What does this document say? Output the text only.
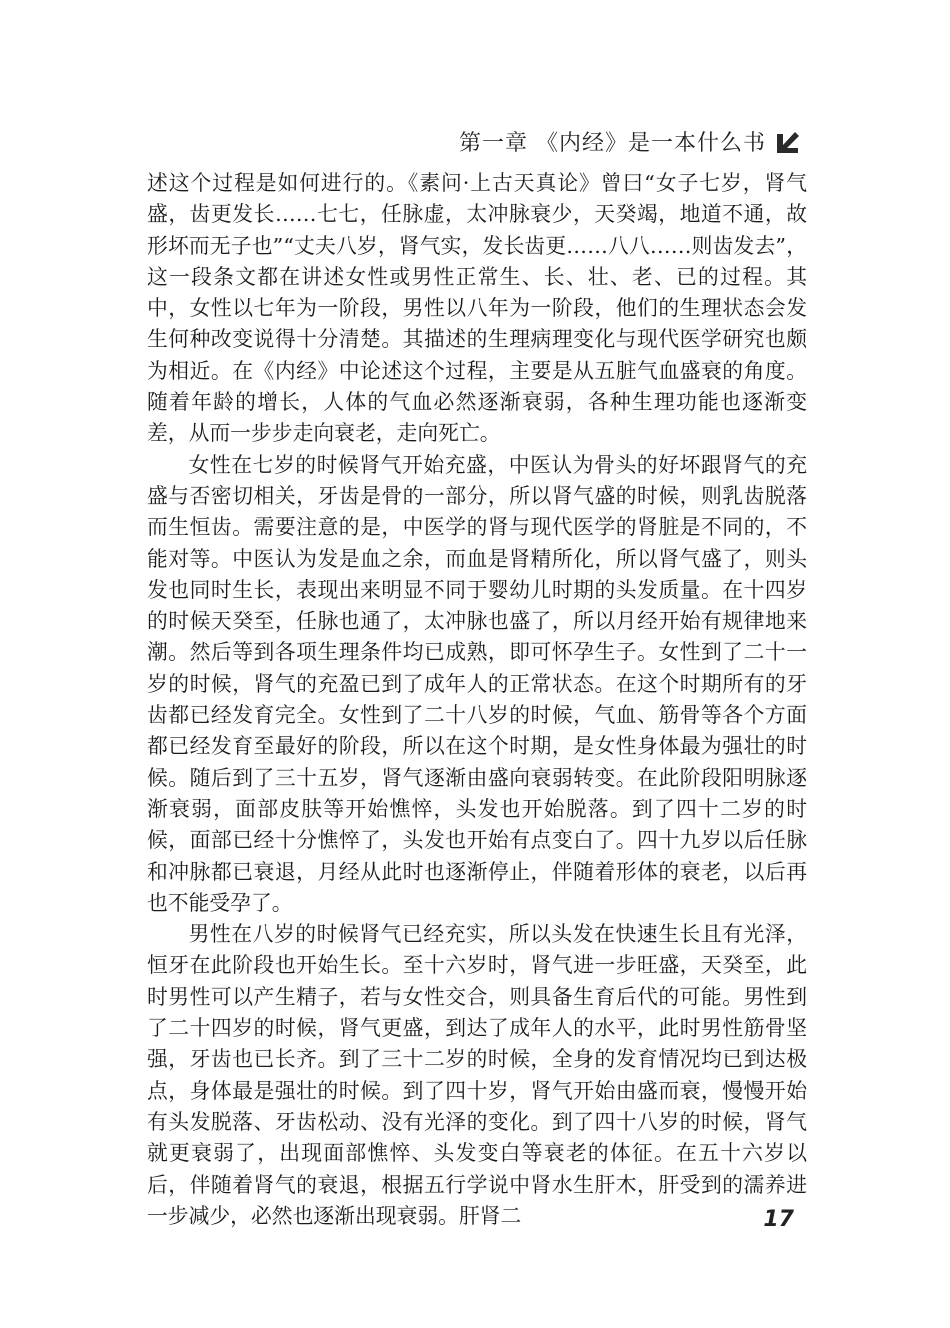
第一章 《内经》是一本什么书

述这个过程是如何进行的。《素问·上古天真论》曾曰“女子七岁，肾气盛，齿更发长……七七，任脉虚，太冲脉衰少，天癸竭，地道不通，故形坏而无子也”“丈夫八岁，肾气实，发长齿更……八八……则齿发去”，这一段条文都在讲述女性或男性正常生、长、壮、老、已的过程。其中，女性以七年为一阶段，男性以八年为一阶段，他们的生理状态会发生何种改变说得十分清楚。其描述的生理病理变化与现代医学研究也颇为相近。在《内经》中论述这个过程，主要是从五脏气血盛衰的角度。随着年龄的增长，人体的气血必然逐渐衰弱，各种生理功能也逐渐变差，从而一步步走向衰老，走向死亡。

女性在七岁的时候肾气开始充盛，中医认为骨头的好坏跟肾气的充盛与否密切相关，牙齿是骨的一部分，所以肾气盛的时候，则乳齿脱落而生恒齿。需要注意的是，中医学的肾与现代医学的肾脏是不同的，不能对等。中医认为发是血之余，而血是肾精所化，所以肾气盛了，则头发也同时生长，表现出来明显不同于婴幼儿时期的头发质量。在十四岁的时候天癸至，任脉也通了，太冲脉也盛了，所以月经开始有规律地来潮。然后等到各项生理条件均已成熟，即可怀孕生子。女性到了二十一岁的时候，肾气的充盈已到了成年人的正常状态。在这个时期所有的牙齿都已经发育完全。女性到了二十八岁的时候，气血、筋骨等各个方面都已经发育至最好的阶段，所以在这个时期，是女性身体最为强壮的时候。随后到了三十五岁，肾气逐渐由盛向衰弱转变。在此阶段阳明脉逐渐衰弱，面部皮肤等开始憔悴，头发也开始脱落。到了四十二岁的时候，面部已经十分憔悴了，头发也开始有点变白了。四十九岁以后任脉和冲脉都已衰退，月经从此时也逐渐停止，伴随着形体的衰老，以后再也不能受孕了。

男性在八岁的时候肾气已经充实，所以头发在快速生长且有光泽，恒牙在此阶段也开始生长。至十六岁时，肾气进一步旺盛，天癸至，此时男性可以产生精子，若与女性交合，则具备生育后代的可能。男性到了二十四岁的时候，肾气更盛，到达了成年人的水平，此时男性筋骨坚强，牙齿也已长齐。到了三十二岁的时候，全身的发育情况均已到达极点，身体最是强壮的时候。到了四十岁，肾气开始由盛而衰，慢慢开始有头发脱落、牙齿松动、没有光泽的变化。到了四十八岁的时候，肾气就更衰弱了，出现面部憔悴、头发变白等衰老的体征。在五十六岁以后，伴随着肾气的衰退，根据五行学说中肾水生肝木，肝受到的濡养进一步减少，必然也逐渐出现衰弱。肝肾二	17
